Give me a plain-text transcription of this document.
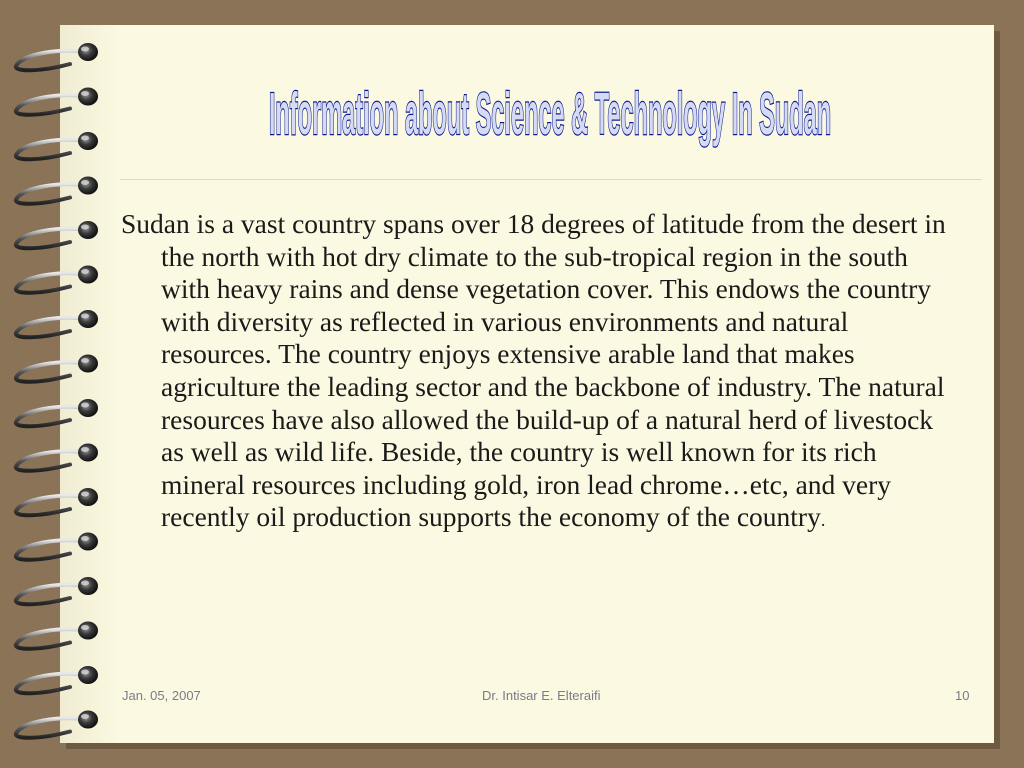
Information about Science & Technology In Sudan
Sudan is a vast country spans over 18 degrees of latitude from the desert in the north with hot dry climate to the sub-tropical region in the south with heavy rains and dense vegetation cover. This endows the country with diversity as reflected in various environments and natural resources. The country enjoys extensive arable land that makes agriculture the leading sector and the backbone of industry. The natural resources have also allowed the build-up of a natural herd of livestock as well as wild life. Beside, the country is well known for its rich mineral resources including gold, iron lead chrome…etc, and very recently oil production supports the economy of the country.
Jan. 05, 2007	Dr. Intisar E. Elteraifi	10
